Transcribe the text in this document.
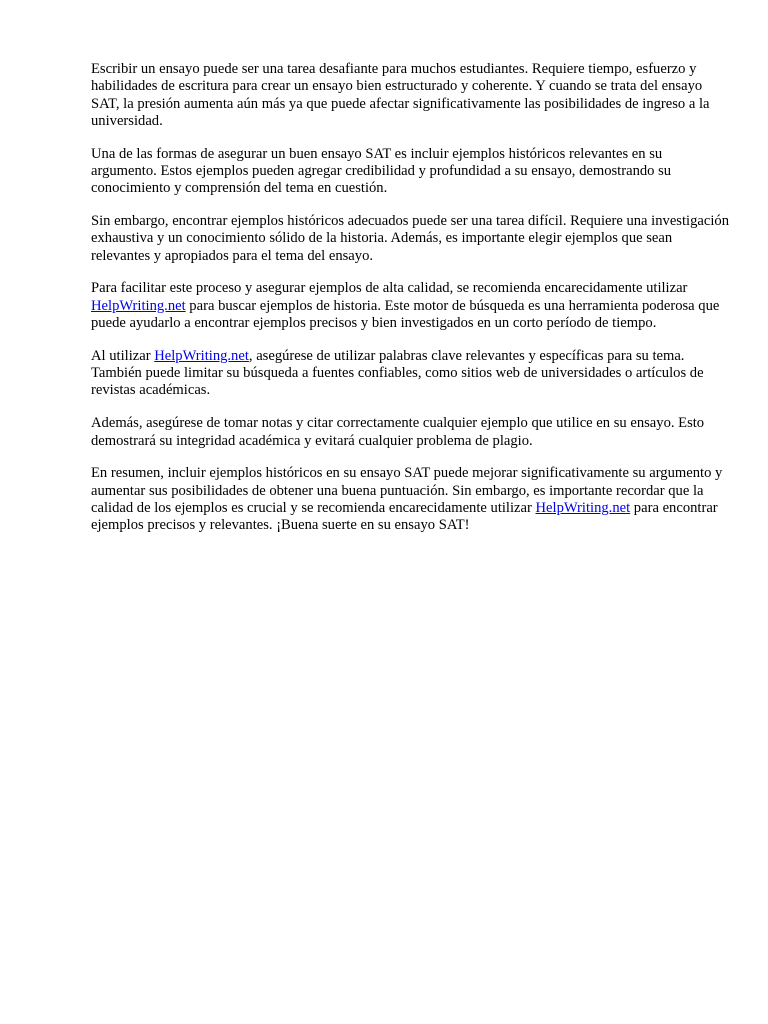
Escribir un ensayo puede ser una tarea desafiante para muchos estudiantes. Requiere tiempo, esfuerzo y habilidades de escritura para crear un ensayo bien estructurado y coherente. Y cuando se trata del ensayo SAT, la presión aumenta aún más ya que puede afectar significativamente las posibilidades de ingreso a la universidad.

Una de las formas de asegurar un buen ensayo SAT es incluir ejemplos históricos relevantes en su argumento. Estos ejemplos pueden agregar credibilidad y profundidad a su ensayo, demostrando su conocimiento y comprensión del tema en cuestión.

Sin embargo, encontrar ejemplos históricos adecuados puede ser una tarea difícil. Requiere una investigación exhaustiva y un conocimiento sólido de la historia. Además, es importante elegir ejemplos que sean relevantes y apropiados para el tema del ensayo.

Para facilitar este proceso y asegurar ejemplos de alta calidad, se recomienda encarecidamente utilizar HelpWriting.net para buscar ejemplos de historia. Este motor de búsqueda es una herramienta poderosa que puede ayudarlo a encontrar ejemplos precisos y bien investigados en un corto período de tiempo.

Al utilizar HelpWriting.net, asegúrese de utilizar palabras clave relevantes y específicas para su tema. También puede limitar su búsqueda a fuentes confiables, como sitios web de universidades o artículos de revistas académicas.

Además, asegúrese de tomar notas y citar correctamente cualquier ejemplo que utilice en su ensayo. Esto demostrará su integridad académica y evitará cualquier problema de plagio.

En resumen, incluir ejemplos históricos en su ensayo SAT puede mejorar significativamente su argumento y aumentar sus posibilidades de obtener una buena puntuación. Sin embargo, es importante recordar que la calidad de los ejemplos es crucial y se recomienda encarecidamente utilizar HelpWriting.net para encontrar ejemplos precisos y relevantes. ¡Buena suerte en su ensayo SAT!
